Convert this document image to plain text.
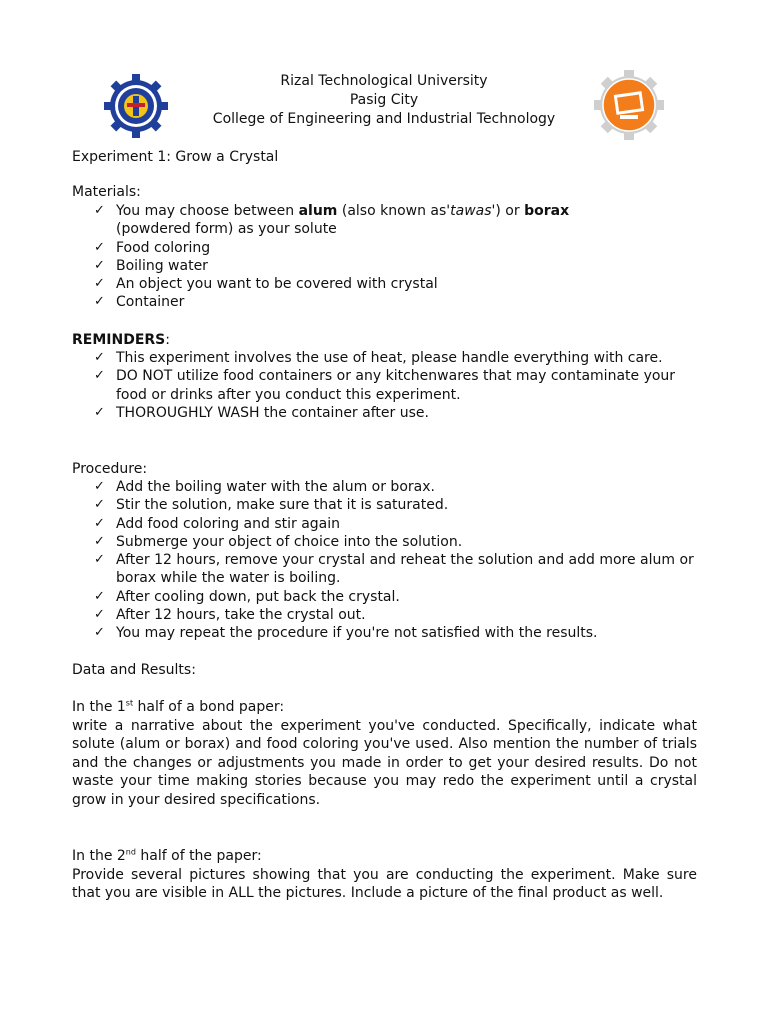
Rizal Technological University
Pasig City
College of Engineering and Industrial Technology
Experiment 1: Grow a Crystal
Materials:
✓ You may choose between alum (also known as'tawas') or borax
(powdered form) as your solute
✓ Food coloring
✓ Boiling water
✓ An object you want to be covered with crystal
✓ Container
REMINDERS:
✓ This experiment involves the use of heat, please handle everything with care.
✓ DO NOT utilize food containers or any kitchenwares that may contaminate your food or drinks after you conduct this experiment.
✓ THOROUGHLY WASH the container after use.
Procedure:
✓ Add the boiling water with the alum or borax.
✓ Stir the solution, make sure that it is saturated.
✓ Add food coloring and stir again
✓ Submerge your object of choice into the solution.
✓ After 12 hours, remove your crystal and reheat the solution and add more alum or borax while the water is boiling.
✓ After cooling down, put back the crystal.
✓ After 12 hours, take the crystal out.
✓ You may repeat the procedure if you're not satisfied with the results.
Data and Results:
In the 1st half of a bond paper:
write a narrative about the experiment you've conducted. Specifically, indicate what solute (alum or borax) and food coloring you've used. Also mention the number of trials and the changes or adjustments you made in order to get your desired results. Do not waste your time making stories because you may redo the experiment until a crystal grow in your desired specifications.
In the 2nd half of the paper:
Provide several pictures showing that you are conducting the experiment. Make sure that you are visible in ALL the pictures. Include a picture of the final product as well.
